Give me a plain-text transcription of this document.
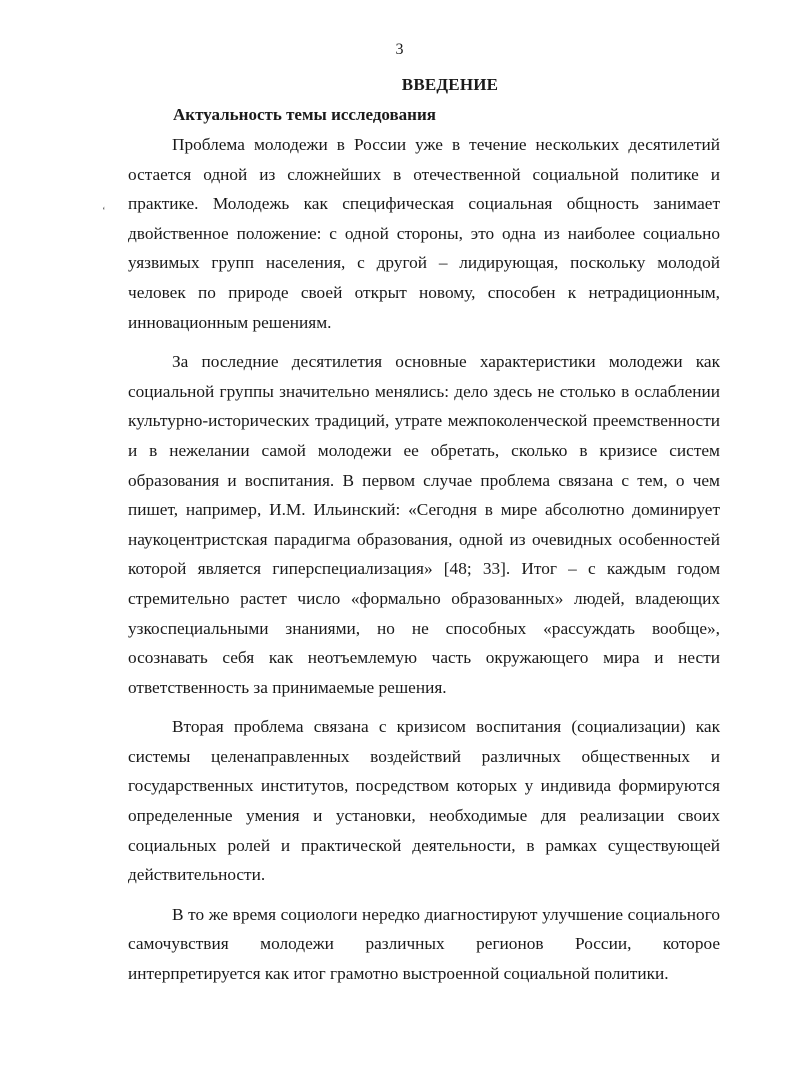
3
ВВЕДЕНИЕ
Актуальность темы исследования
‘

Проблема молодежи в России уже в течение нескольких десятилетий остается одной из сложнейших в отечественной социальной политике и практике. Молодежь как специфическая социальная общность занимает двойственное положение: с одной стороны, это одна из наиболее социально уязвимых групп населения, с другой – лидирующая, поскольку молодой человек по природе своей открыт новому, способен к нетрадиционным, инновационным решениям.

За последние десятилетия основные характеристики молодежи как социальной группы значительно менялись: дело здесь не столько в ослаблении культурно-исторических традиций, утрате межпоколенческой преемственности и в нежелании самой молодежи ее обретать, сколько в кризисе систем образования и воспитания. В первом случае проблема связана с тем, о чем пишет, например, И.М. Ильинский: «Сегодня в мире абсолютно доминирует наукоцентристская парадигма образования, одной из очевидных особенностей которой является гиперспециализация» [48; 33]. Итог – с каждым годом стремительно растет число «формально образованных» людей, владеющих узкоспециальными знаниями, но не способных «рассуждать вообще», осознавать себя как неотъемлемую часть окружающего мира и нести ответственность за принимаемые решения.

Вторая проблема связана с кризисом воспитания (социализации) как системы целенаправленных воздействий различных общественных и государственных институтов, посредством которых у индивида формируются определенные умения и установки, необходимые для реализации своих социальных ролей и практической деятельности, в рамках существующей действительности.

В то же время социологи нередко диагностируют улучшение социального самочувствия молодежи различных регионов России, которое интерпретируется как итог грамотно выстроенной социальной политики.
